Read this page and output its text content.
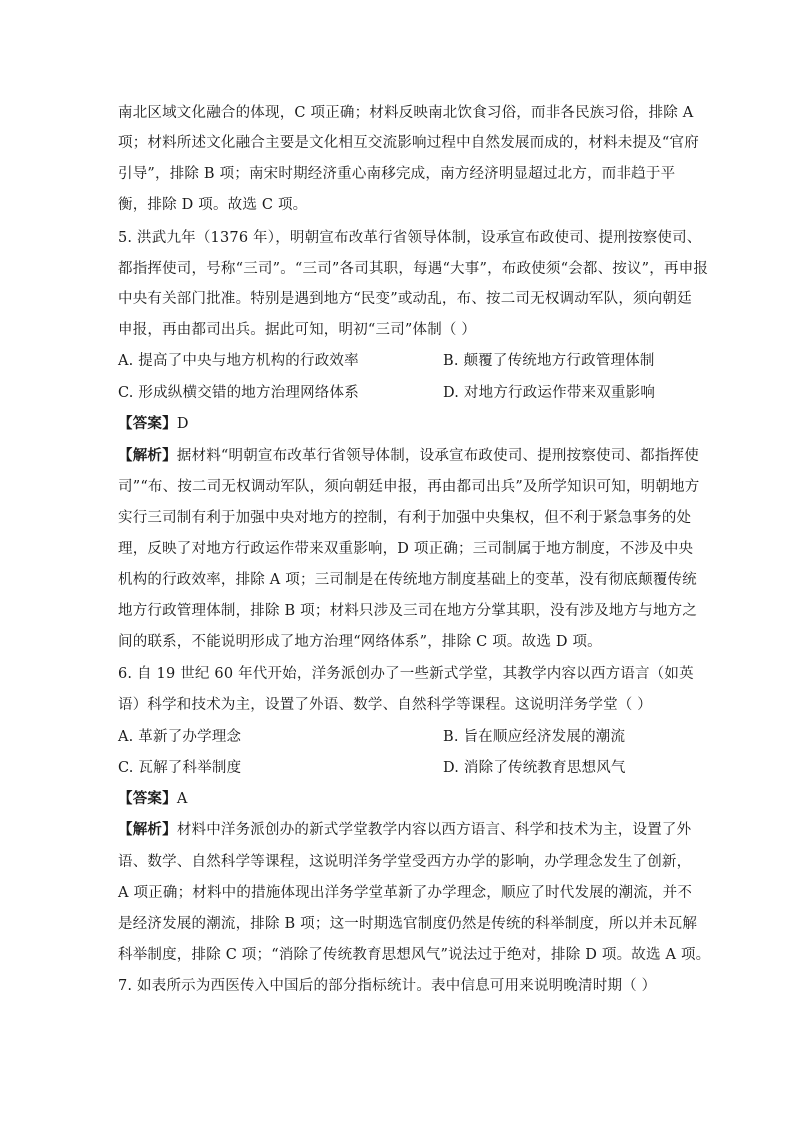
南北区域文化融合的体现，C 项正确；材料反映南北饮食习俗，而非各民族习俗，排除 A
项；材料所述文化融合主要是文化相互交流影响过程中自然发展而成的，材料未提及“官府
引导”，排除 B 项；南宋时期经济重心南移完成，南方经济明显超过北方，而非趋于平
衡，排除 D 项。故选 C 项。
5. 洪武九年（1376 年），明朝宣布改革行省领导体制，设承宣布政使司、提刑按察使司、
都指挥使司，号称“三司”。“三司”各司其职，每遇“大事”，布政使须“会都、按议”，再申报
中央有关部门批准。特别是遇到地方“民变”或动乱，布、按二司无权调动军队，须向朝廷
申报，再由都司出兵。据此可知，明初“三司”体制（ ）
A. 提高了中央与地方机构的行政效率	B. 颠覆了传统地方行政管理体制
C. 形成纵横交错的地方治理网络体系	D. 对地方行政运作带来双重影响
【答案】D
【解析】据材料“明朝宣布改革行省领导体制，设承宣布政使司、提刑按察使司、都指挥使
司”“布、按二司无权调动军队，须向朝廷申报，再由都司出兵”及所学知识可知，明朝地方
实行三司制有利于加强中央对地方的控制，有利于加强中央集权，但不利于紧急事务的处
理，反映了对地方行政运作带来双重影响，D 项正确；三司制属于地方制度，不涉及中央
机构的行政效率，排除 A 项；三司制是在传统地方制度基础上的变革，没有彻底颠覆传统
地方行政管理体制，排除 B 项；材料只涉及三司在地方分掌其职，没有涉及地方与地方之
间的联系，不能说明形成了地方治理“网络体系”，排除 C 项。故选 D 项。
6. 自 19 世纪 60 年代开始，洋务派创办了一些新式学堂，其教学内容以西方语言（如英
语）科学和技术为主，设置了外语、数学、自然科学等课程。这说明洋务学堂（ ）
A. 革新了办学理念	B. 旨在顺应经济发展的潮流
C. 瓦解了科举制度	D. 消除了传统教育思想风气
【答案】A
【解析】材料中洋务派创办的新式学堂教学内容以西方语言、科学和技术为主，设置了外
语、数学、自然科学等课程，这说明洋务学堂受西方办学的影响，办学理念发生了创新，
A 项正确；材料中的措施体现出洋务学堂革新了办学理念，顺应了时代发展的潮流，并不
是经济发展的潮流，排除 B 项；这一时期选官制度仍然是传统的科举制度，所以并未瓦解
科举制度，排除 C 项；“消除了传统教育思想风气”说法过于绝对，排除 D 项。故选 A 项。
7. 如表所示为西医传入中国后的部分指标统计。表中信息可用来说明晚清时期（ ）
